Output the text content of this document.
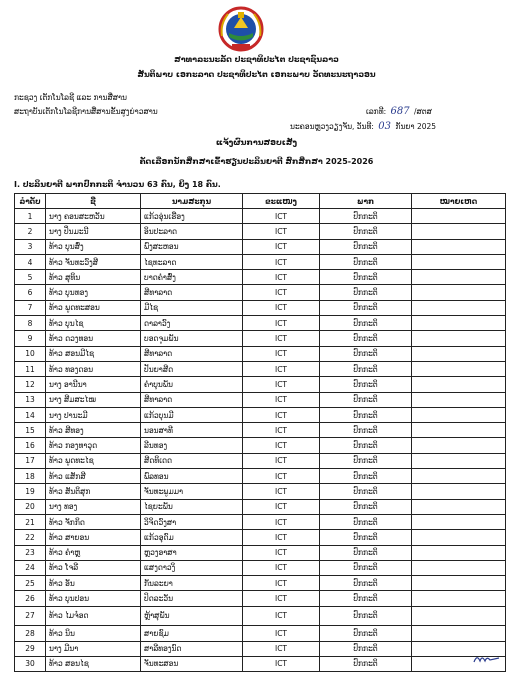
ສາທາລະນະລັດ ປະຊາທິປະໄຕ ປະຊາຊົນລາວ
ສັນຕິພາບ ເອກະລາດ ປະຊາທິປະໄຕ ເອກະພາບ ວັດທະນະຖາວອນ
ກະຊວງ ເຕັກໂນໂລຊີ ແລະ ການສື່ສານ
ສະຖາບັນເຕັກໂນໂລຊີການສື່ສານຂັ້ນສູງຍ່າວສານ	ເລກທີ: 687 /ສຕສ
ນະຄອນຫຼວງວຽງຈັນ, ວັນທີ: 03 ກັນຍາ 2025
ແຈ້ງຜົນການສອບເສັງ
ຄັດເລືອກນັກສຶກສາເຂົ້າຮຽນປະລິນຍາຕີ ສົກສຶກສາ 2025-2026
I. ປະລິນຍາຕີ ພາກປົກກະຕິ ຈຳນວນ 63 ຄົນ, ຍິງ 18 ຄົນ.
ລຳດັບ	ຊື່	ນາມສະກຸນ	ຂະແໜງ	ພາກ	ໝາຍເຫດ
1	ນາງ ຄອນສະຫວັນ	ແກ້ວອຸ່ນເຮືອງ	ICT	ປົກກະຕິ	
2	ນາງ ປິ່ນມະນີ	ອິນປະລາດ	ICT	ປົກກະຕິ	
3	ທ້າວ ບຸນສົ່ງ	ພົງສະຫອນ	ICT	ປົກກະຕິ	
4	ທ້າວ ຈັນທະວົງສີ	ໄຊທະລາດ	ICT	ປົກກະຕິ	
5	ທ້າວ ສຸທິນ	ບາດຄຳສົ່ງ	ICT	ປົກກະຕິ	
6	ທ້າວ ບຸນທອງ	ສີທາລາດ	ICT	ປົກກະຕິ	
7	ທ້າວ ພູດທະສອນ	ມີໄຊ	ICT	ປົກກະຕິ	
8	ທ້າວ ບຸນໄຊ	ດາລາວົງ	ICT	ປົກກະຕິ	
9	ທ້າວ ດວງທອນ	ບອດຈູມພັນ	ICT	ປົກກະຕິ	
10	ທ້າວ ສອນມີໄຊ	ສີທາລາດ	ICT	ປົກກະຕິ	
11	ທ້າວ ທອງດອນ	ປັນຍາສີດ	ICT	ປົກກະຕິ	
12	ນາງ ອານີນາ	ຄຳບຸນພັນ	ICT	ປົກກະຕິ	
13	ນາງ ສີມສະໄໝ	ສີທາລາດ	ICT	ປົກກະຕິ	
14	ນາງ ປານະມີ	ແກ້ວບຸນມີ	ICT	ປົກກະຕິ	
15	ທ້າວ ສີທອງ	ນອນສາທີ	ICT	ປົກກະຕິ	
16	ທ້າວ ກອງທາວຸດ	ລີນທອງ	ICT	ປົກກະຕິ	
17	ທ້າວ ພູດທະໄຊ	ສີດທິເດດ	ICT	ປົກກະຕິ	
18	ທ້າວ ແສັກສີ	ພົລທອນ	ICT	ປົກກະຕິ	
19	ທ້າວ ສັນຕິສຸກ	ຈັນທະພູມມາ	ICT	ປົກກະຕິ	
20	ນາງ ທອງ	ໄຊຍະພັນ	ICT	ປົກກະຕິ	
21	ທ້າວ ຈັກກິດ	ວິຈິດວົງສາ	ICT	ປົກກະຕິ	
22	ທ້າວ ສາຍອນ	ແກ້ວອຸດົມ	ICT	ປົກກະຕິ	
23	ທ້າວ ຄຳຫຼ	ຫຼວງອາສາ	ICT	ປົກກະຕິ	
24	ທ້າວ ໂຈລີ	ແສງດາວງິ	ICT	ປົກກະຕິ	
25	ທ້າວ ອັນ	ກັນລະຍາ	ICT	ປົກກະຕິ	
26	ທ້າວ ບຸນປອນ	ປິດລະວັນ	ICT	ປົກກະຕິ	
27	ທ້າວ ໄມຈ໋ອດ	ຫຼ້າສຸພັນ	ICT	ປົກກະຕິ	
28	ທ້າວ ນິນ	ສາຍຊົມ	ICT	ປົກກະຕິ	
29	ນາງ ມີນາ	ສາລີທອງນົດ	ICT	ປົກກະຕິ	
30	ທ້າວ ສອນໄຊ	ຈັນທະສອນ	ICT	ປົກກະຕິ	
